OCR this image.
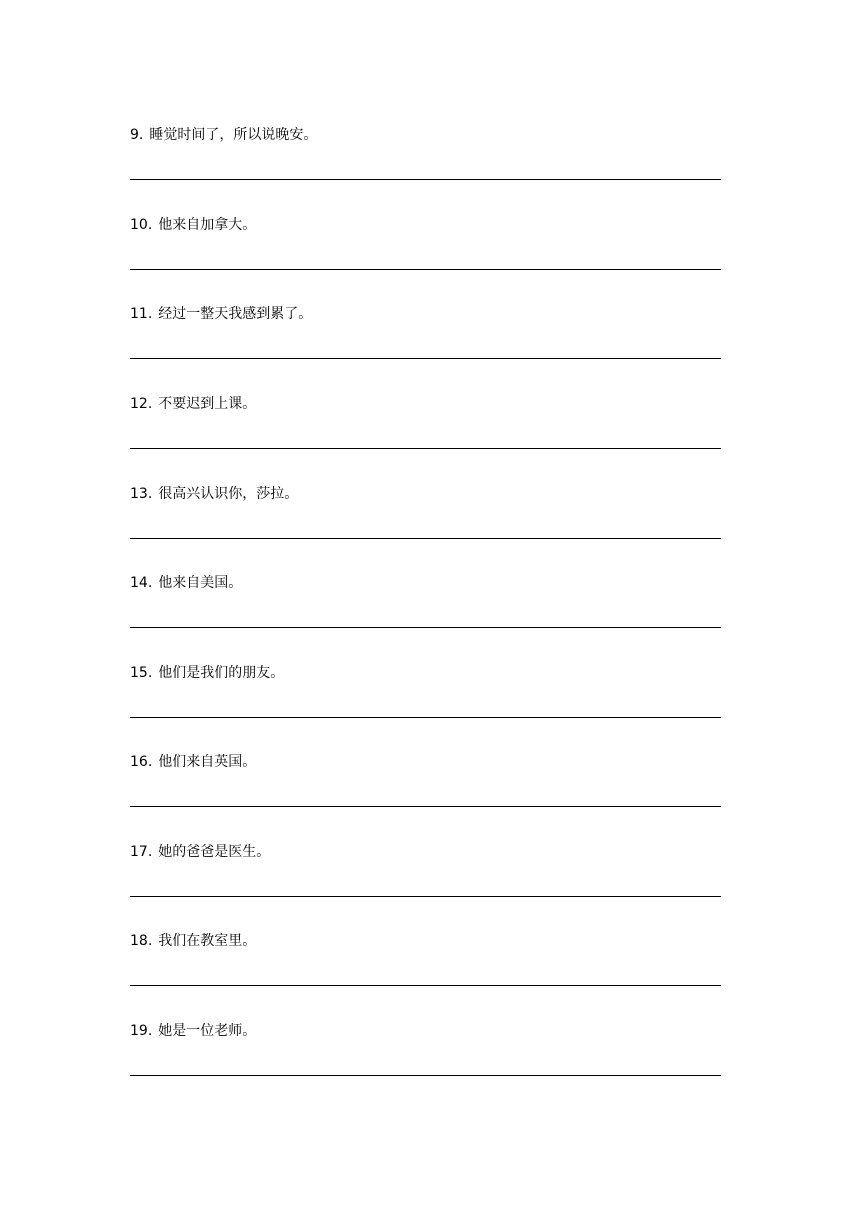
9. 睡觉时间了，所以说晚安。
10. 他来自加拿大。
11. 经过一整天我感到累了。
12. 不要迟到上课。
13. 很高兴认识你，莎拉。
14. 他来自美国。
15. 他们是我们的朋友。
16. 他们来自英国。
17. 她的爸爸是医生。
18. 我们在教室里。
19. 她是一位老师。
